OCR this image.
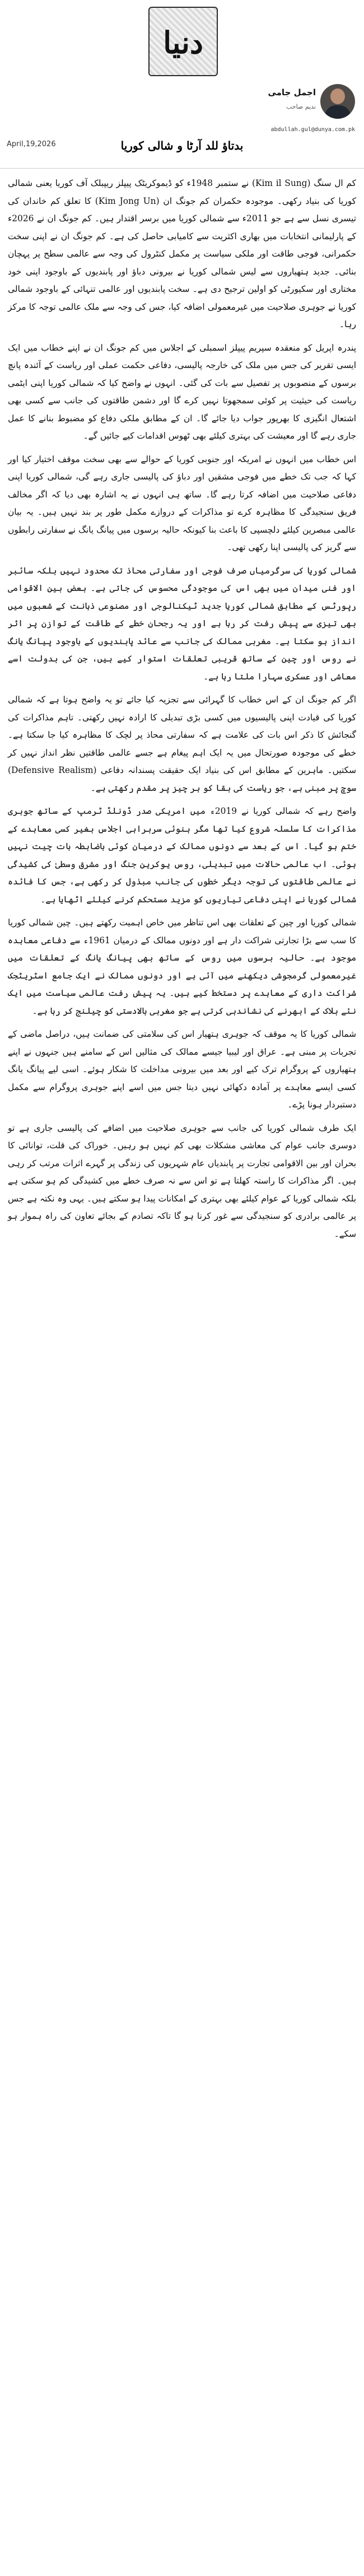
دنیا
اجمل جامی
ندیم صاحب
abdullah.gul@dunya.com.pk
April,19,2026	بدتاؤ للد آرٹا و شالی کوریا

کم ال سنگ (Kim il Sung) نے ستمبر 1948ء کو ڈیموکریٹک پیپلز ریپبلک آف کوریا یعنی شمالی کوریا کی بنیاد رکھی۔ موجودہ حکمران کم جونگ ان (Kim Jong Un) کا تعلق کم خاندان کی تیسری نسل سے ہے جو 2011ء سے شمالی کوریا میں برسر اقتدار ہیں۔ کم جونگ ان نے 2026ء کے پارلیمانی انتخابات میں بھاری اکثریت سے کامیابی حاصل کی ہے۔ کم جونگ ان نے اپنی سخت حکمرانی، فوجی طاقت اور ملکی سیاست پر مکمل کنٹرول کی وجہ سے عالمی سطح پر پہچان بنائی۔ جدید ہتھیاروں سے لیس شمالی کوریا نے بیرونی دباؤ اور پابندیوں کے باوجود اپنی خود مختاری اور سکیورٹی کو اولین ترجیح دی ہے۔ سخت پابندیوں اور عالمی تنہائی کے باوجود شمالی کوریا نے جوہری صلاحیت میں غیرمعمولی اضافہ کیا، جس کی وجہ سے ملک عالمی توجہ کا مرکز رہا۔

پندرہ اپریل کو منعقدہ سپریم پیپلز اسمبلی کے اجلاس میں کم جونگ ان نے اپنے خطاب میں ایک ایسی تقریر کی جس میں ملک کی خارجہ پالیسی، دفاعی حکمت عملی اور ریاست کے آئندہ پانچ برسوں کے منصوبوں پر تفصیل سے بات کی گئی۔ انہوں نے واضح کیا کہ شمالی کوریا اپنی ایٹمی ریاست کی حیثیت پر کوئی سمجھوتا نہیں کرے گا اور دشمن طاقتوں کی جانب سے کسی بھی اشتعال انگیزی کا بھرپور جواب دیا جائے گا۔ ان کے مطابق ملکی دفاع کو مضبوط بنانے کا عمل جاری رہے گا اور معیشت کی بہتری کیلئے بھی ٹھوس اقدامات کیے جائیں گے۔

اس خطاب میں انہوں نے امریکہ اور جنوبی کوریا کے حوالے سے بھی سخت موقف اختیار کیا اور کہا کہ جب تک خطے میں فوجی مشقیں اور دباؤ کی پالیسی جاری رہے گی، شمالی کوریا اپنی دفاعی صلاحیت میں اضافہ کرتا رہے گا۔ ساتھ ہی انہوں نے یہ اشارہ بھی دیا کہ اگر مخالف فریق سنجیدگی کا مظاہرہ کرے تو مذاکرات کے دروازے مکمل طور پر بند نہیں ہیں۔ یہ بیان عالمی مبصرین کیلئے دلچسپی کا باعث بنا کیونکہ حالیہ برسوں میں پیانگ یانگ نے سفارتی رابطوں سے گریز کی پالیسی اپنا رکھی تھی۔

شمالی کوریا کی سرگرمیاں صرف فوجی اور سفارتی محاذ تک محدود نہیں بلکہ سائبر اور فنی میدان میں بھی اس کی موجودگی محسوس کی جاتی ہے۔ بعض بین الاقوامی رپورٹس کے مطابق شمالی کوریا جدید ٹیکنالوجی اور مصنوعی ذہانت کے شعبوں میں بھی تیزی سے پیش رفت کر رہا ہے اور یہ رجحان خطے کے طاقت کے توازن پر اثر انداز ہو سکتا ہے۔ مغربی ممالک کی جانب سے عائد پابندیوں کے باوجود پیانگ یانگ نے روس اور چین کے ساتھ قریبی تعلقات استوار کیے ہیں، جن کی بدولت اسے معاشی اور عسکری سہارا ملتا رہا ہے۔

اگر کم جونگ ان کے اس خطاب کا گہرائی سے تجزیہ کیا جائے تو یہ واضح ہوتا ہے کہ شمالی کوریا کی قیادت اپنی پالیسیوں میں کسی بڑی تبدیلی کا ارادہ نہیں رکھتی۔ تاہم مذاکرات کی گنجائش کا ذکر اس بات کی علامت ہے کہ سفارتی محاذ پر لچک کا مظاہرہ کیا جا سکتا ہے۔ خطے کی موجودہ صورتحال میں یہ ایک اہم پیغام ہے جسے عالمی طاقتیں نظر انداز نہیں کر سکتیں۔ ماہرین کے مطابق اس کی بنیاد ایک حقیقت پسندانہ دفاعی (Defensive Realism) سوچ پر مبنی ہے، جو ریاست کی بقا کو ہر چیز پر مقدم رکھتی ہے۔

واضح رہے کہ شمالی کوریا نے 2019ء میں امریکی صدر ڈونلڈ ٹرمپ کے ساتھ جوہری مذاکرات کا سلسلہ شروع کیا تھا مگر ہنوئی سربراہی اجلاس بغیر کسی معاہدے کے ختم ہو گیا۔ اس کے بعد سے دونوں ممالک کے درمیان کوئی باضابطہ بات چیت نہیں ہوئی۔ اب عالمی حالات میں تبدیلی، روس یوکرین جنگ اور مشرق وسطیٰ کی کشیدگی نے عالمی طاقتوں کی توجہ دیگر خطوں کی جانب مبذول کر رکھی ہے، جس کا فائدہ شمالی کوریا نے اپنی دفاعی تیاریوں کو مزید مستحکم کرنے کیلئے اٹھایا ہے۔

شمالی کوریا اور چین کے تعلقات بھی اس تناظر میں خاص اہمیت رکھتے ہیں۔ چین شمالی کوریا کا سب سے بڑا تجارتی شراکت دار ہے اور دونوں ممالک کے درمیان 1961ء سے دفاعی معاہدہ موجود ہے۔ حالیہ برسوں میں روس کے ساتھ بھی پیانگ یانگ کے تعلقات میں غیرمعمولی گرمجوشی دیکھنے میں آئی ہے اور دونوں ممالک نے ایک جامع اسٹریٹجک شراکت داری کے معاہدے پر دستخط کیے ہیں۔ یہ پیش رفت عالمی سیاست میں ایک نئے بلاک کے ابھرنے کی نشاندہی کرتی ہے جو مغربی بالادستی کو چیلنج کر رہا ہے۔

شمالی کوریا کا یہ موقف کہ جوہری ہتھیار اس کی سلامتی کی ضمانت ہیں، دراصل ماضی کے تجربات پر مبنی ہے۔ عراق اور لیبیا جیسے ممالک کی مثالیں اس کے سامنے ہیں جنہوں نے اپنے ہتھیاروں کے پروگرام ترک کیے اور بعد میں بیرونی مداخلت کا شکار ہوئے۔ اسی لیے پیانگ یانگ کسی ایسے معاہدے پر آمادہ دکھائی نہیں دیتا جس میں اسے اپنے جوہری پروگرام سے مکمل دستبردار ہونا پڑے۔

ایک طرف شمالی کوریا کی جانب سے جوہری صلاحیت میں اضافے کی پالیسی جاری ہے تو دوسری جانب عوام کی معاشی مشکلات بھی کم نہیں ہو رہیں۔ خوراک کی قلت، توانائی کا بحران اور بین الاقوامی تجارت پر پابندیاں عام شہریوں کی زندگی پر گہرے اثرات مرتب کر رہی ہیں۔ اگر مذاکرات کا راستہ کھلتا ہے تو اس سے نہ صرف خطے میں کشیدگی کم ہو سکتی ہے بلکہ شمالی کوریا کے عوام کیلئے بھی بہتری کے امکانات پیدا ہو سکتے ہیں۔ یہی وہ نکتہ ہے جس پر عالمی برادری کو سنجیدگی سے غور کرنا ہو گا تاکہ تصادم کے بجائے تعاون کی راہ ہموار ہو سکے۔
